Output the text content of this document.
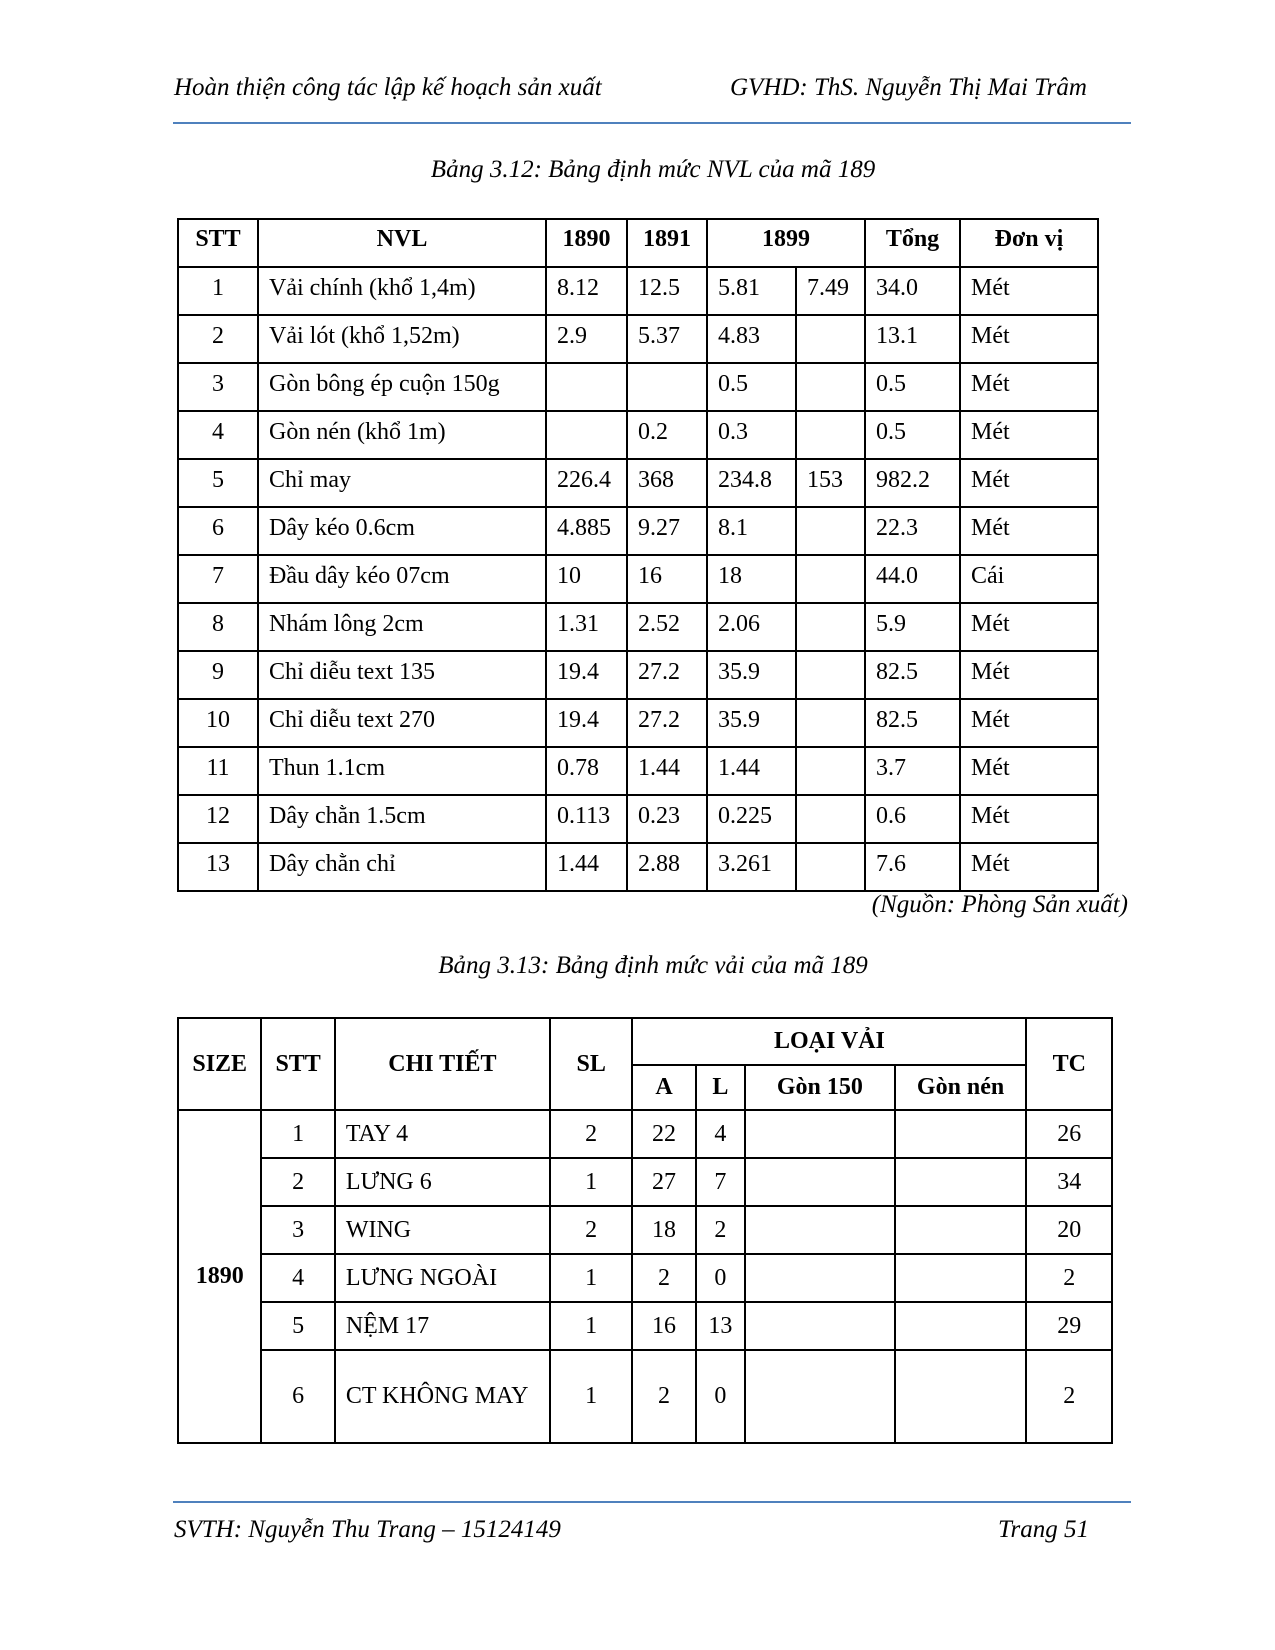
Hoàn thiện công tác lập kế hoạch sản xuất	GVHD: ThS. Nguyễn Thị Mai Trâm
Bảng 3.12: Bảng định mức NVL của mã 189
STT	NVL	1890	1891	1899		Tổng	Đơn vị
1	Vải chính (khổ 1,4m)	8.12	12.5	5.81	7.49	34.0	Mét
2	Vải lót (khổ 1,52m)	2.9	5.37	4.83		13.1	Mét
3	Gòn bông ép cuộn 150g			0.5		0.5	Mét
4	Gòn nén (khổ 1m)		0.2	0.3		0.5	Mét
5	Chỉ may	226.4	368	234.8	153	982.2	Mét
6	Dây kéo 0.6cm	4.885	9.27	8.1		22.3	Mét
7	Đầu dây kéo 07cm	10	16	18		44.0	Cái
8	Nhám lông 2cm	1.31	2.52	2.06		5.9	Mét
9	Chỉ diễu text 135	19.4	27.2	35.9		82.5	Mét
10	Chỉ diễu text 270	19.4	27.2	35.9		82.5	Mét
11	Thun 1.1cm	0.78	1.44	1.44		3.7	Mét
12	Dây chằn 1.5cm	0.113	0.23	0.225		0.6	Mét
13	Dây chằn chỉ	1.44	2.88	3.261		7.6	Mét
(Nguồn: Phòng Sản xuất)
Bảng 3.13: Bảng định mức vải của mã 189
SIZE	STT	CHI TIẾT	SL	LOẠI VẢI				TC
				A	L	Gòn 150	Gòn nén	
1890	1	TAY 4	2	22	4			26
	2	LƯNG 6	1	27	7			34
	3	WING	2	18	2			20
	4	LƯNG NGOÀI	1	2	0			2
	5	NỆM 17	1	16	13			29
	6	CT KHÔNG MAY	1	2	0			2
SVTH: Nguyễn Thu Trang – 15124149	Trang 51
